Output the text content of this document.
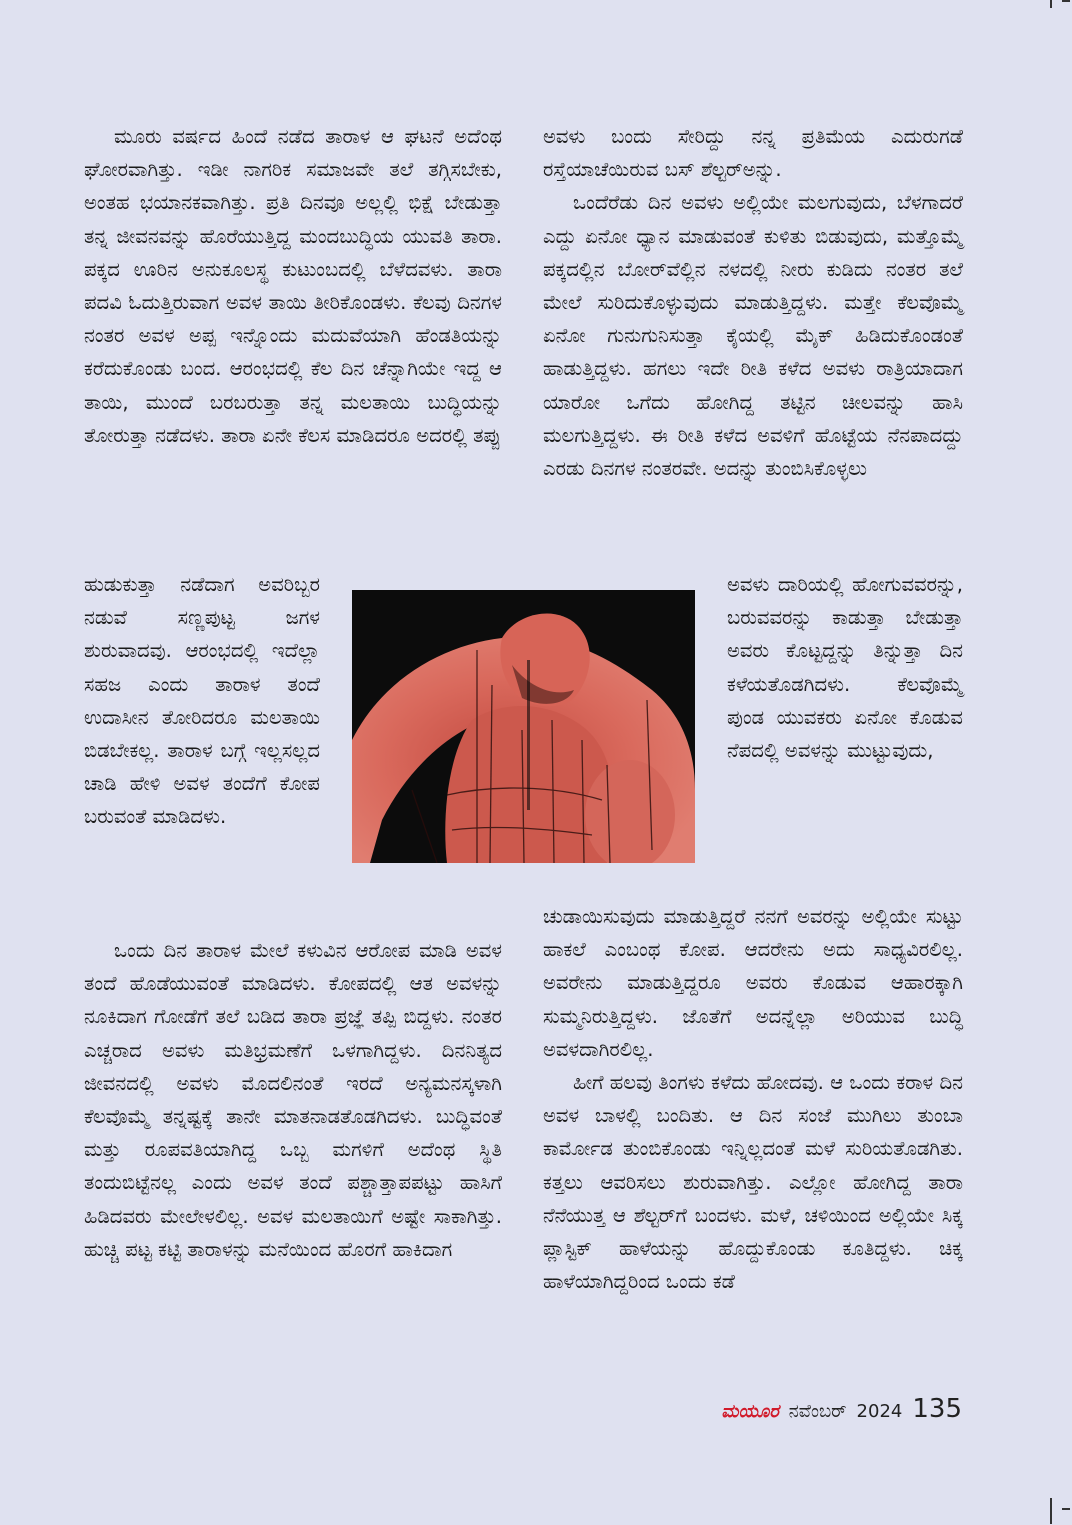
ಮೂರು ವರ್ಷದ ಹಿಂದೆ ನಡೆದ ತಾರಾಳ ಆ ಘಟನೆ ಅದೆಂಥ ಘೋರವಾಗಿತ್ತು. ಇಡೀ ನಾಗರಿಕ ಸಮಾಜವೇ ತಲೆ ತಗ್ಗಿಸಬೇಕು, ಅಂತಹ ಭಯಾನಕವಾಗಿತ್ತು. ಪ್ರತಿ ದಿನವೂ ಅಲ್ಲಲ್ಲಿ ಭಿಕ್ಷೆ ಬೇಡುತ್ತಾ ತನ್ನ ಜೀವನವನ್ನು ಹೊರೆಯುತ್ತಿದ್ದ ಮಂದಬುದ್ಧಿಯ ಯುವತಿ ತಾರಾ. ಪಕ್ಕದ ಊರಿನ ಅನುಕೂಲಸ್ಥ ಕುಟುಂಬದಲ್ಲಿ ಬೆಳೆದವಳು. ತಾರಾ ಪದವಿ ಓದುತ್ತಿರುವಾಗ ಅವಳ ತಾಯಿ ತೀರಿಕೊಂಡಳು. ಕೆಲವು ದಿನಗಳ ನಂತರ ಅವಳ ಅಪ್ಪ ಇನ್ನೊಂದು ಮದುವೆಯಾಗಿ ಹೆಂಡತಿಯನ್ನು ಕರೆದುಕೊಂಡು ಬಂದ. ಆರಂಭದಲ್ಲಿ ಕೆಲ ದಿನ ಚೆನ್ನಾಗಿಯೇ ಇದ್ದ ಆ ತಾಯಿ, ಮುಂದೆ ಬರಬರುತ್ತಾ ತನ್ನ ಮಲತಾಯಿ ಬುದ್ಧಿಯನ್ನು ತೋರುತ್ತಾ ನಡೆದಳು. ತಾರಾ ಏನೇ ಕೆಲಸ ಮಾಡಿದರೂ ಅದರಲ್ಲಿ ತಪ್ಪು

ಹುಡುಕುತ್ತಾ ನಡೆದಾಗ ಅವರಿಬ್ಬರ ನಡುವೆ ಸಣ್ಣಪುಟ್ಟ ಜಗಳ ಶುರುವಾದವು. ಆರಂಭದಲ್ಲಿ ಇದೆಲ್ಲಾ ಸಹಜ ಎಂದು ತಾರಾಳ ತಂದೆ ಉದಾಸೀನ ತೋರಿದರೂ ಮಲತಾಯಿ ಬಿಡಬೇಕಲ್ಲ. ತಾರಾಳ ಬಗ್ಗೆ ಇಲ್ಲಸಲ್ಲದ ಚಾಡಿ ಹೇಳಿ ಅವಳ ತಂದೆಗೆ ಕೋಪ ಬರುವಂತೆ ಮಾಡಿದಳು.

ಒಂದು ದಿನ ತಾರಾಳ ಮೇಲೆ ಕಳುವಿನ ಆರೋಪ ಮಾಡಿ ಅವಳ ತಂದೆ ಹೊಡೆಯುವಂತೆ ಮಾಡಿದಳು. ಕೋಪದಲ್ಲಿ ಆತ ಅವಳನ್ನು ನೂಕಿದಾಗ ಗೋಡೆಗೆ ತಲೆ ಬಡಿದ ತಾರಾ ಪ್ರಜ್ಞೆ ತಪ್ಪಿ ಬಿದ್ದಳು. ನಂತರ ಎಚ್ಚರಾದ ಅವಳು ಮತಿಭ್ರಮಣೆಗೆ ಒಳಗಾಗಿದ್ದಳು. ದಿನನಿತ್ಯದ ಜೀವನದಲ್ಲಿ ಅವಳು ಮೊದಲಿನಂತೆ ಇರದೆ ಅನ್ಯಮನಸ್ಕಳಾಗಿ ಕೆಲವೊಮ್ಮೆ ತನ್ನಷ್ಟಕ್ಕೆ ತಾನೇ ಮಾತನಾಡತೊಡಗಿದಳು. ಬುದ್ಧಿವಂತೆ ಮತ್ತು ರೂಪವತಿಯಾಗಿದ್ದ ಒಬ್ಬ ಮಗಳಿಗೆ ಅದೆಂಥ ಸ್ಥಿತಿ ತಂದುಬಿಟ್ಟೆನಲ್ಲ ಎಂದು ಅವಳ ತಂದೆ ಪಶ್ಚಾತ್ತಾಪಪಟ್ಟು ಹಾಸಿಗೆ ಹಿಡಿದವರು ಮೇಲೇಳಲಿಲ್ಲ. ಅವಳ ಮಲತಾಯಿಗೆ ಅಷ್ಟೇ ಸಾಕಾಗಿತ್ತು. ಹುಚ್ಚಿ ಪಟ್ಟ ಕಟ್ಟಿ ತಾರಾಳನ್ನು ಮನೆಯಿಂದ ಹೊರಗೆ ಹಾಕಿದಾಗ

ಅವಳು ಬಂದು ಸೇರಿದ್ದು ನನ್ನ ಪ್ರತಿಮೆಯ ಎದುರುಗಡೆ ರಸ್ತೆಯಾಚೆಯಿರುವ ಬಸ್ ಶೆಲ್ಟರ್‌ಅನ್ನು.

ಒಂದೆರೆಡು ದಿನ ಅವಳು ಅಲ್ಲಿಯೇ ಮಲಗುವುದು, ಬೆಳಗಾದರೆ ಎದ್ದು ಏನೋ ಧ್ಯಾನ ಮಾಡುವಂತೆ ಕುಳಿತು ಬಿಡುವುದು, ಮತ್ತೊಮ್ಮೆ ಪಕ್ಕದಲ್ಲಿನ ಬೋರ್‌ವೆಲ್ಲಿನ ನಳದಲ್ಲಿ ನೀರು ಕುಡಿದು ನಂತರ ತಲೆ ಮೇಲೆ ಸುರಿದುಕೊಳ್ಳುವುದು ಮಾಡುತ್ತಿದ್ದಳು. ಮತ್ತೇ ಕೆಲವೊಮ್ಮೆ ಏನೋ ಗುನುಗುನಿಸುತ್ತಾ ಕೈಯಲ್ಲಿ ಮೈಕ್ ಹಿಡಿದುಕೊಂಡಂತೆ ಹಾಡುತ್ತಿದ್ದಳು. ಹಗಲು ಇದೇ ರೀತಿ ಕಳೆದ ಅವಳು ರಾತ್ರಿಯಾದಾಗ ಯಾರೋ ಒಗೆದು ಹೋಗಿದ್ದ ತಟ್ಟಿನ ಚೀಲವನ್ನು ಹಾಸಿ ಮಲಗುತ್ತಿದ್ದಳು. ಈ ರೀತಿ ಕಳೆದ ಅವಳಿಗೆ ಹೊಟ್ಟೆಯ ನೆನಪಾದದ್ದು ಎರಡು ದಿನಗಳ ನಂತರವೇ. ಅದನ್ನು ತುಂಬಿಸಿಕೊಳ್ಳಲು

ಅವಳು ದಾರಿಯಲ್ಲಿ ಹೋಗುವವರನ್ನು, ಬರುವವರನ್ನು ಕಾಡುತ್ತಾ ಬೇಡುತ್ತಾ ಅವರು ಕೊಟ್ಟದ್ದನ್ನು ತಿನ್ನುತ್ತಾ ದಿನ ಕಳೆಯತೊಡಗಿದಳು. ಕೆಲವೊಮ್ಮೆ ಪುಂಡ ಯುವಕರು ಏನೋ ಕೊಡುವ ನೆಪದಲ್ಲಿ ಅವಳನ್ನು ಮುಟ್ಟುವುದು,

ಚುಡಾಯಿಸುವುದು ಮಾಡುತ್ತಿದ್ದರೆ ನನಗೆ ಅವರನ್ನು ಅಲ್ಲಿಯೇ ಸುಟ್ಟು ಹಾಕಲೆ ಎಂಬಂಥ ಕೋಪ. ಆದರೇನು ಅದು ಸಾಧ್ಯವಿರಲಿಲ್ಲ. ಅವರೇನು ಮಾಡುತ್ತಿದ್ದರೂ ಅವರು ಕೊಡುವ ಆಹಾರಕ್ಕಾಗಿ ಸುಮ್ಮನಿರುತ್ತಿದ್ದಳು. ಜೊತೆಗೆ ಅದನ್ನೆಲ್ಲಾ ಅರಿಯುವ ಬುದ್ಧಿ ಅವಳದಾಗಿರಲಿಲ್ಲ.

ಹೀಗೆ ಹಲವು ತಿಂಗಳು ಕಳೆದು ಹೋದವು. ಆ ಒಂದು ಕರಾಳ ದಿನ ಅವಳ ಬಾಳಲ್ಲಿ ಬಂದಿತು. ಆ ದಿನ ಸಂಜೆ ಮುಗಿಲು ತುಂಬಾ ಕಾರ್ಮೋಡ ತುಂಬಿಕೊಂಡು ಇನ್ನಿಲ್ಲದಂತೆ ಮಳೆ ಸುರಿಯತೊಡಗಿತು. ಕತ್ತಲು ಆವರಿಸಲು ಶುರುವಾಗಿತ್ತು. ಎಲ್ಲೋ ಹೋಗಿದ್ದ ತಾರಾ ನೆನೆಯುತ್ತ ಆ ಶೆಲ್ಟರ್‌ಗೆ ಬಂದಳು. ಮಳೆ, ಚಳಿಯಿಂದ ಅಲ್ಲಿಯೇ ಸಿಕ್ಕ ಪ್ಲಾಸ್ಟಿಕ್ ಹಾಳೆಯನ್ನು ಹೊದ್ದುಕೊಂಡು ಕೂತಿದ್ದಳು. ಚಿಕ್ಕ ಹಾಳೆಯಾಗಿದ್ದರಿಂದ ಒಂದು ಕಡೆ

ಮಯೂರ ನವೆಂಬರ್ 2024 135
